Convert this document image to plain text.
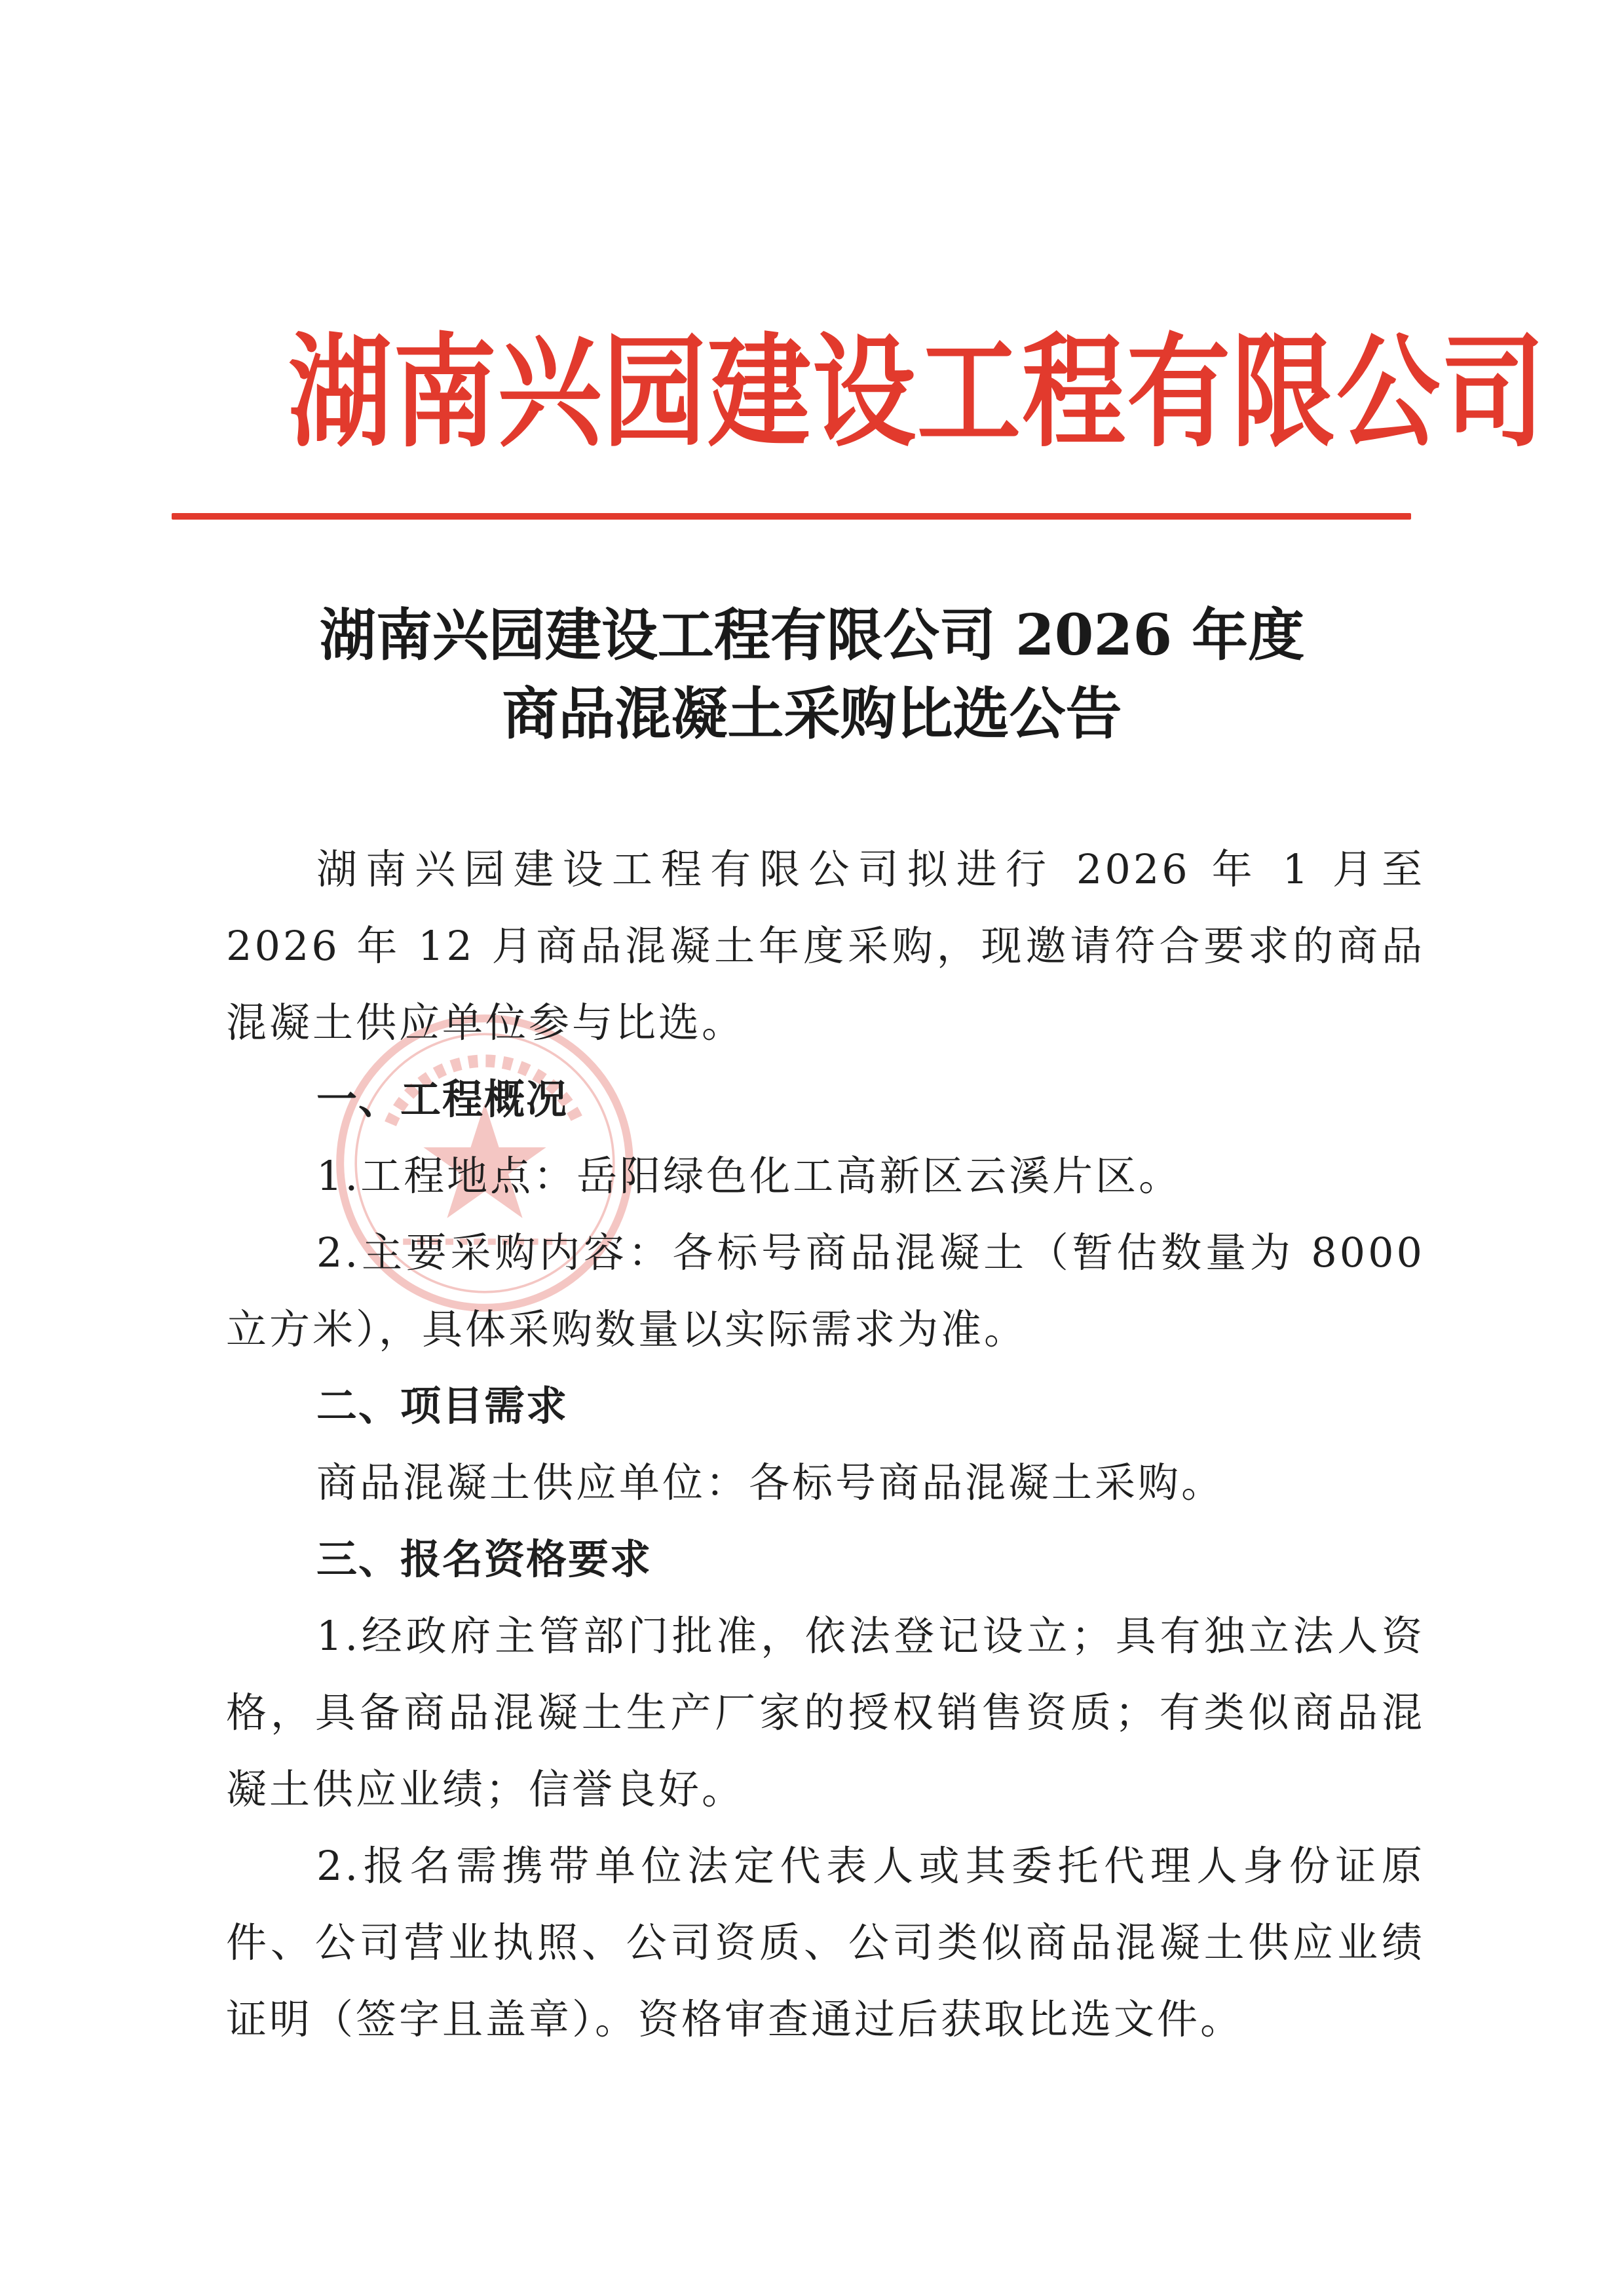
湖南兴园建设工程有限公司
湖南兴园建设工程有限公司 2026 年度
商品混凝土采购比选公告

湖南兴园建设工程有限公司拟进行 2026 年 1 月至 2026 年 12 月商品混凝土年度采购，现邀请符合要求的商品混凝土供应单位参与比选。

一、工程概况

1.工程地点：岳阳绿色化工高新区云溪片区。

2.主要采购内容：各标号商品混凝土（暂估数量为 8000 立方米），具体采购数量以实际需求为准。

二、项目需求

商品混凝土供应单位：各标号商品混凝土采购。

三、报名资格要求

1.经政府主管部门批准，依法登记设立；具有独立法人资格，具备商品混凝土生产厂家的授权销售资质；有类似商品混凝土供应业绩；信誉良好。

2.报名需携带单位法定代表人或其委托代理人身份证原件、公司营业执照、公司资质、公司类似商品混凝土供应业绩证明（签字且盖章）。资格审查通过后获取比选文件。
